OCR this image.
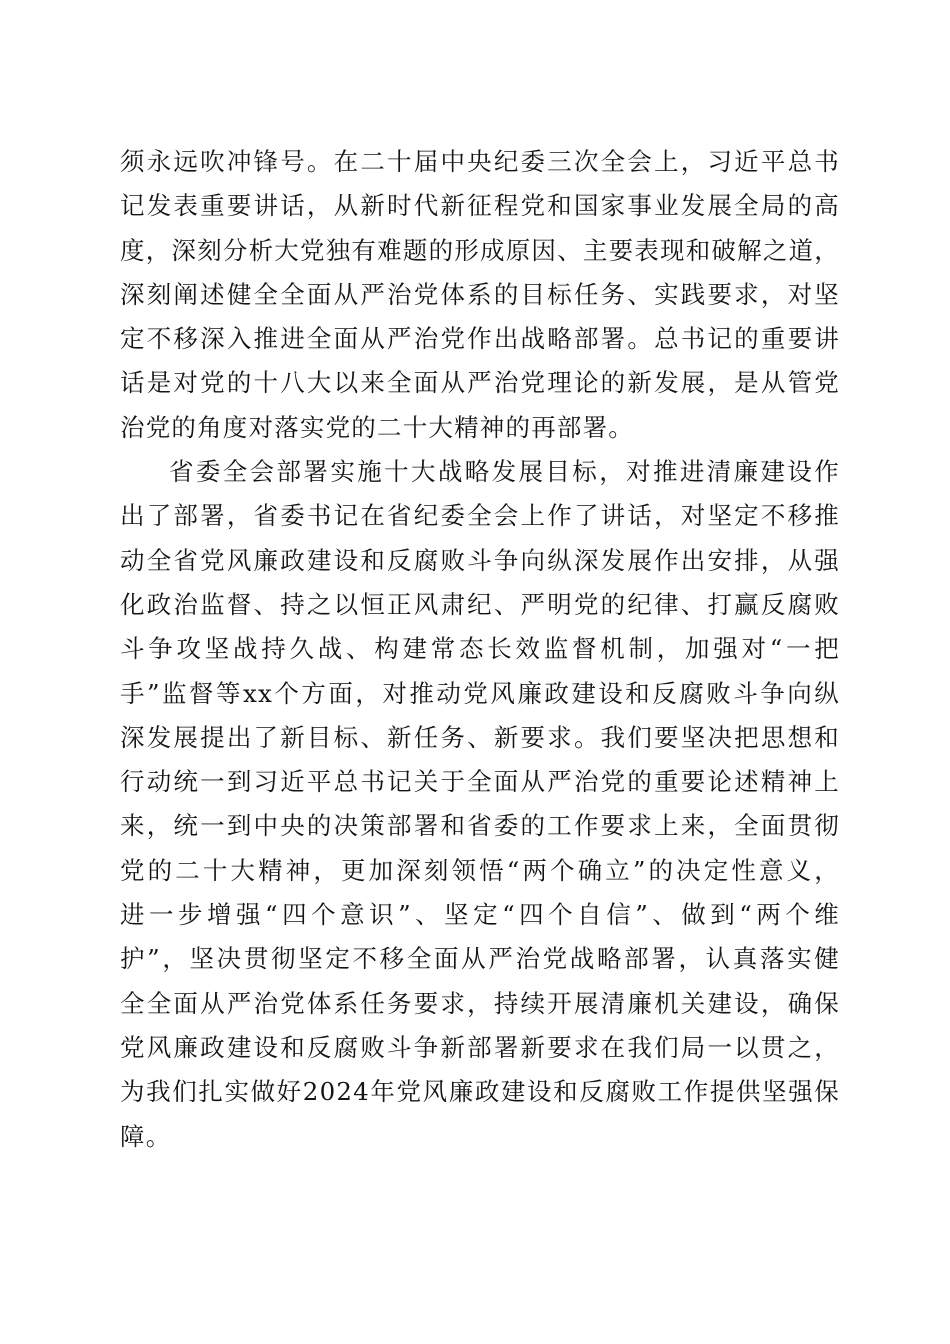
须永远吹冲锋号。在二十届中央纪委三次全会上，习近平总书
记发表重要讲话，从新时代新征程党和国家事业发展全局的高
度，深刻分析大党独有难题的形成原因、主要表现和破解之道，
深刻阐述健全全面从严治党体系的目标任务、实践要求，对坚
定不移深入推进全面从严治党作出战略部署。总书记的重要讲
话是对党的十八大以来全面从严治党理论的新发展，是从管党
治党的角度对落实党的二十大精神的再部署。
省委全会部署实施十大战略发展目标，对推进清廉建设作
出了部署，省委书记在省纪委全会上作了讲话，对坚定不移推
动全省党风廉政建设和反腐败斗争向纵深发展作出安排，从强
化政治监督、持之以恒正风肃纪、严明党的纪律、打赢反腐败
斗争攻坚战持久战、构建常态长效监督机制，加强对“一把
手”监督等xx个方面，对推动党风廉政建设和反腐败斗争向纵
深发展提出了新目标、新任务、新要求。我们要坚决把思想和
行动统一到习近平总书记关于全面从严治党的重要论述精神上
来，统一到中央的决策部署和省委的工作要求上来，全面贯彻
党的二十大精神，更加深刻领悟“两个确立”的决定性意义，
进一步增强“四个意识”、坚定“四个自信”、做到“两个维
护”，坚决贯彻坚定不移全面从严治党战略部署，认真落实健
全全面从严治党体系任务要求，持续开展清廉机关建设，确保
党风廉政建设和反腐败斗争新部署新要求在我们局一以贯之，
为我们扎实做好2024年党风廉政建设和反腐败工作提供坚强保
障。
